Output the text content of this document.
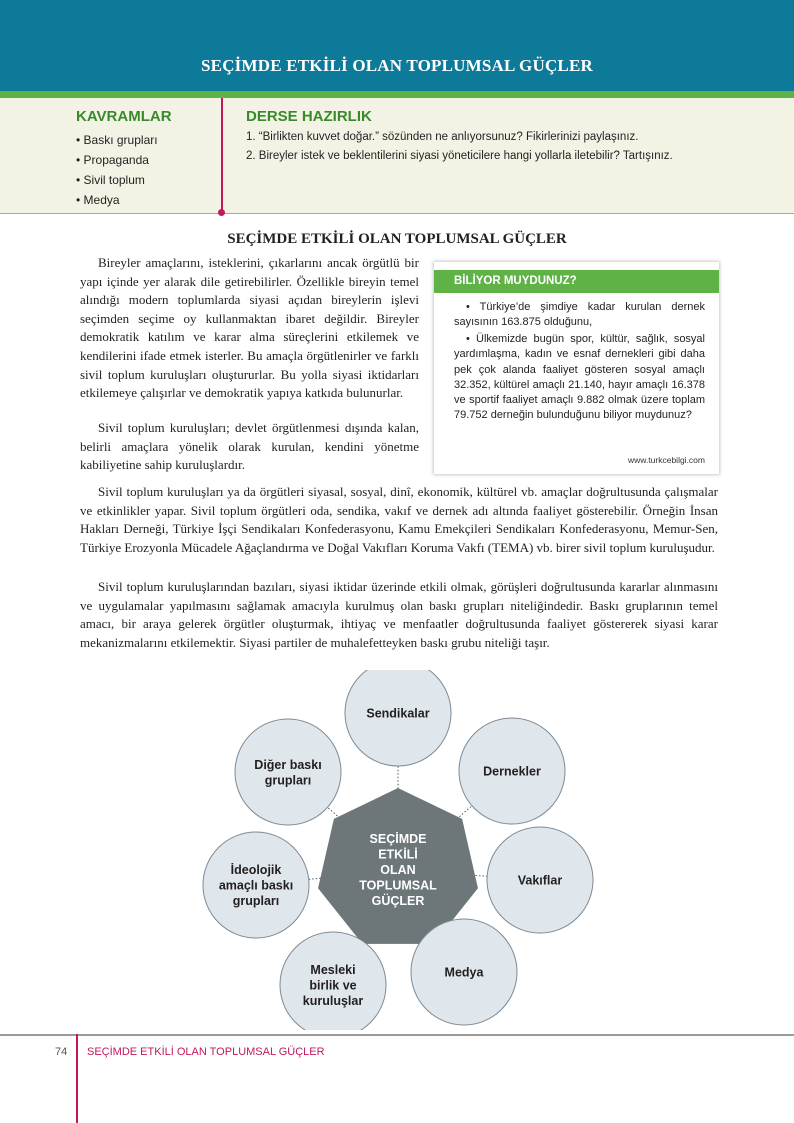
SEÇİMDE ETKİLİ OLAN TOPLUMSAL GÜÇLER
KAVRAMLAR
• Baskı grupları
• Propaganda
• Sivil toplum
• Medya
DERSE HAZIRLIK
1. “Birlikten kuvvet doğar.” sözünden ne anlıyorsunuz? Fikirlerinizi paylaşınız.
2. Bireyler istek ve beklentilerini siyasi yöneticilere hangi yollarla iletebilir? Tartışınız.
SEÇİMDE ETKİLİ OLAN TOPLUMSAL GÜÇLER

Bireyler amaçlarını, isteklerini, çıkarlarını ancak örgütlü bir yapı içinde yer alarak dile getirebilirler. Özellikle bireyin temel alındığı modern toplumlarda siyasi açıdan bireylerin işlevi seçimden seçime oy kullanmaktan ibaret değildir. Bireyler demokratik katılım ve karar alma süreçlerini etkilemek ve kendilerini ifade etmek isterler. Bu amaçla örgütlenirler ve farklı sivil toplum kuruluşları oluştururlar. Bu yolla siyasi iktidarları etkilemeye çalışırlar ve demokratik yapıya katkıda bulunurlar.

Sivil toplum kuruluşları; devlet örgütlenmesi dışında kalan, belirli amaçlara yönelik olarak kurulan, kendini yönetme kabiliyetine sahip kuruluşlardır.

Sivil toplum kuruluşları ya da örgütleri siyasal, sosyal, dinî, ekonomik, kültürel vb. amaçlar doğrultusunda çalışmalar ve etkinlikler yapar. Sivil toplum örgütleri oda, sendika, vakıf ve dernek adı altında faaliyet gösterebilir. Örneğin İnsan Hakları Derneği, Türkiye İşçi Sendikaları Konfederasyonu, Kamu Emekçileri Sendikaları Konfederasyonu, Memur-Sen, Türkiye Erozyonla Mücadele Ağaçlandırma ve Doğal Vakıfları Koruma Vakfı (TEMA) vb. birer sivil toplum kuruluşudur.

Sivil toplum kuruluşlarından bazıları, siyasi iktidar üzerinde etkili olmak, görüşleri doğrultusunda kararlar alınmasını ve uygulamalar yapılmasını sağlamak amacıyla kurulmuş olan baskı grupları niteliğindedir. Baskı gruplarının temel amacı, bir araya gelerek örgütler oluşturmak, ihtiyaç ve menfaatler doğrultusunda faaliyet göstererek siyasi karar mekanizmalarını etkilemektir. Siyasi partiler de muhalefetteyken baskı grubu niteliği taşır.

BİLİYOR MUYDUNUZ?

• Türkiye’de şimdiye kadar kurulan dernek sayısının 163.875 olduğunu,

• Ülkemizde bugün spor, kültür, sağlık, sosyal yardımlaşma, kadın ve esnaf dernekleri gibi daha pek çok alanda faaliyet gösteren sosyal amaçlı 32.352, kültürel amaçlı 21.140, hayır amaçlı 16.378 ve sportif faaliyet amaçlı 9.882 olmak üzere toplam 79.752 derneğin bulunduğunu biliyor muydunuz?

www.turkcebilgi.com
SEÇİMDE
ETKİLİ
OLAN
TOPLUMSAL
GÜÇLER
Sendikalar
Dernekler
Vakıflar
Medya
Mesleki
birlik ve
kuruluşlar
İdeolojik
amaçlı baskı
grupları
Diğer baskı
grupları
74 SEÇİMDE ETKİLİ OLAN TOPLUMSAL GÜÇLER
